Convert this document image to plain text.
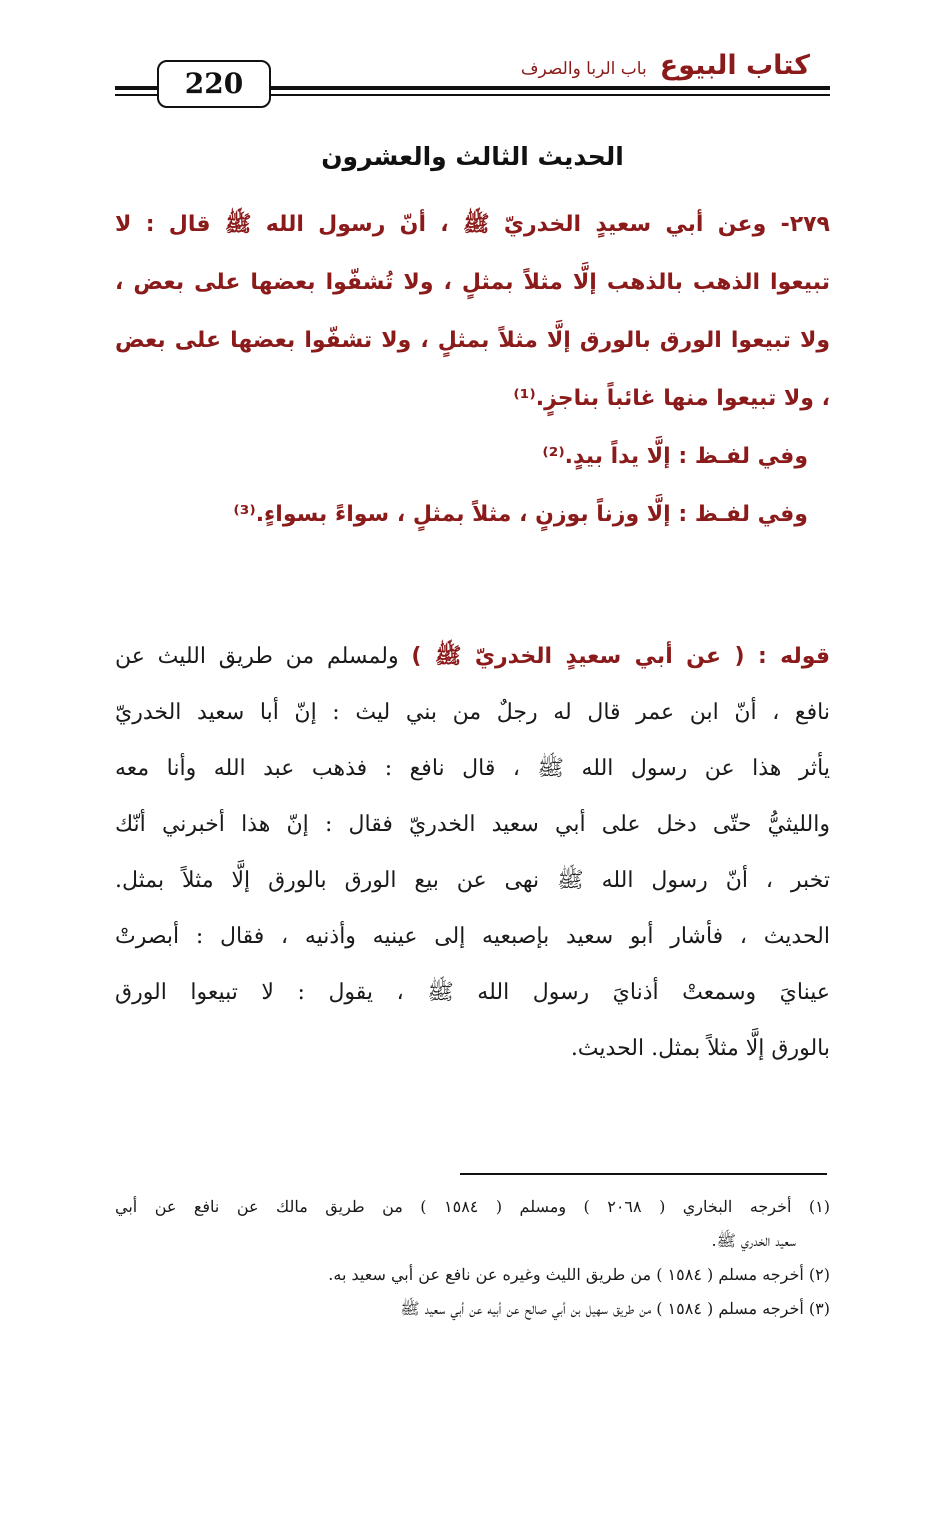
220
كتاب البيوع باب الربا والصرف
الحديث الثالث والعشرون
٢٧٩- وعن أبي سعيدٍ الخدريّ ﷺ ، أنّ رسول الله ﷺ قال : لا
تبيعوا الذهب بالذهب إلَّا مثلاً بمثلٍ ، ولا تُشفّوا بعضها على بعض ،
ولا تبيعوا الورق بالورق إلَّا مثلاً بمثلٍ ، ولا تشفّوا بعضها على بعض
، ولا تبيعوا منها غائباً بناجزٍ.⁽¹⁾
وفي لفـظ : إلَّا يداً بيدٍ.⁽²⁾
وفي لفـظ : إلَّا وزناً بوزنٍ ، مثلاً بمثلٍ ، سواءً بسواءٍ.⁽³⁾
قوله : ( عن أبي سعيدٍ الخدريّ ﷺ ) ولمسلم من طريق الليث عن
نافع ، أنّ ابن عمر قال له رجلٌ من بني ليث : إنّ أبا سعيد الخدريّ
يأثر هذا عن رسول الله ﷺ ، قال نافع : فذهب عبد الله وأنا معه
والليثيُّ حتّى دخل على أبي سعيد الخدريّ فقال : إنّ هذا أخبرني أنّك
تخبر ، أنّ رسول الله ﷺ نهى عن بيع الورق بالورق إلَّا مثلاً بمثل.
الحديث ، فأشار أبو سعيد بإصبعيه إلى عينيه وأذنيه ، فقال : أبصرتْ
عينايَ وسمعتْ أذنايَ رسول الله ﷺ ، يقول : لا تبيعوا الورق
بالورق إلَّا مثلاً بمثل. الحديث.
(١) أخرجه البخاري ( ٢٠٦٨ ) ومسلم ( ١٥٨٤ ) من طريق مالك عن نافع عن أبي
سعيد الخدري ﷺ.
(٢) أخرجه مسلم ( ١٥٨٤ ) من طريق الليث وغيره عن نافع عن أبي سعيد به.
(٣) أخرجه مسلم ( ١٥٨٤ ) من طريق سهيل بن أبي صالح عن أبيه عن أبي سعيد ﷺ
